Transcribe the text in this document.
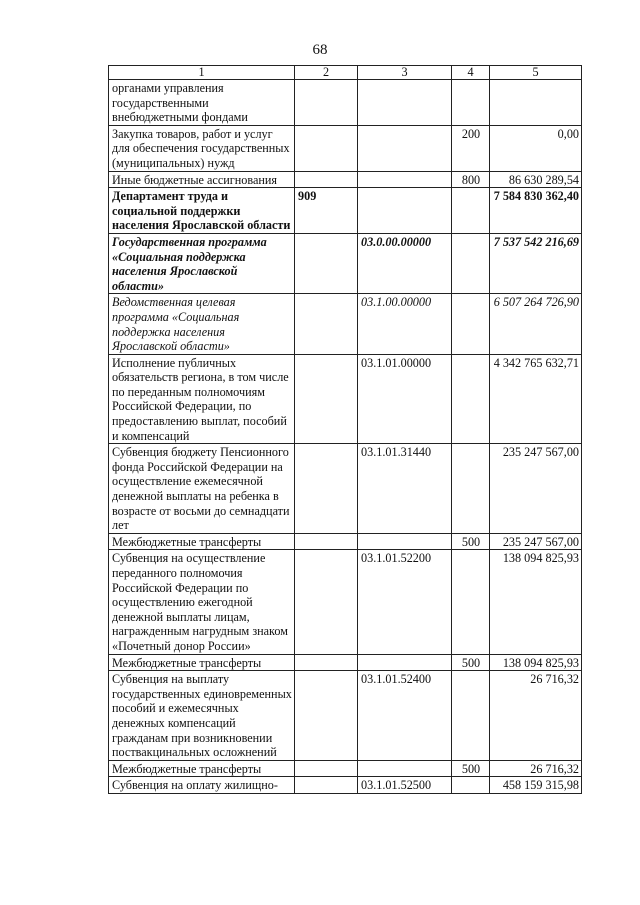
68
1	2	3	4	5
органами управления государственными внебюджетными фондами				
Закупка товаров, работ и услуг для обеспечения государственных (муниципальных) нужд			200	0,00
Иные бюджетные ассигнования			800	86 630 289,54
Департамент труда и социальной поддержки населения Ярославской области	909			7 584 830 362,40
Государственная программа «Социальная поддержка населения Ярославской области»		03.0.00.00000		7 537 542 216,69
Ведомственная целевая программа «Социальная поддержка населения Ярославской области»		03.1.00.00000		6 507 264 726,90
Исполнение публичных обязательств региона, в том числе по переданным полномочиям Российской Федерации, по предоставлению выплат, пособий и компенсаций		03.1.01.00000		4 342 765 632,71
Субвенция бюджету Пенсионного фонда Российской Федерации на осуществление ежемесячной денежной выплаты на ребенка в возрасте от восьми до семнадцати лет		03.1.01.31440		235 247 567,00
Межбюджетные трансферты			500	235 247 567,00
Субвенция на осуществление переданного полномочия Российской Федерации по осуществлению ежегодной денежной выплаты лицам, награжденным нагрудным знаком «Почетный донор России»		03.1.01.52200		138 094 825,93
Межбюджетные трансферты			500	138 094 825,93
Субвенция на выплату государственных единовременных пособий и ежемесячных денежных компенсаций гражданам при возникновении поствакцинальных осложнений		03.1.01.52400		26 716,32
Межбюджетные трансферты			500	26 716,32
Субвенция на оплату жилищно-		03.1.01.52500		458 159 315,98
